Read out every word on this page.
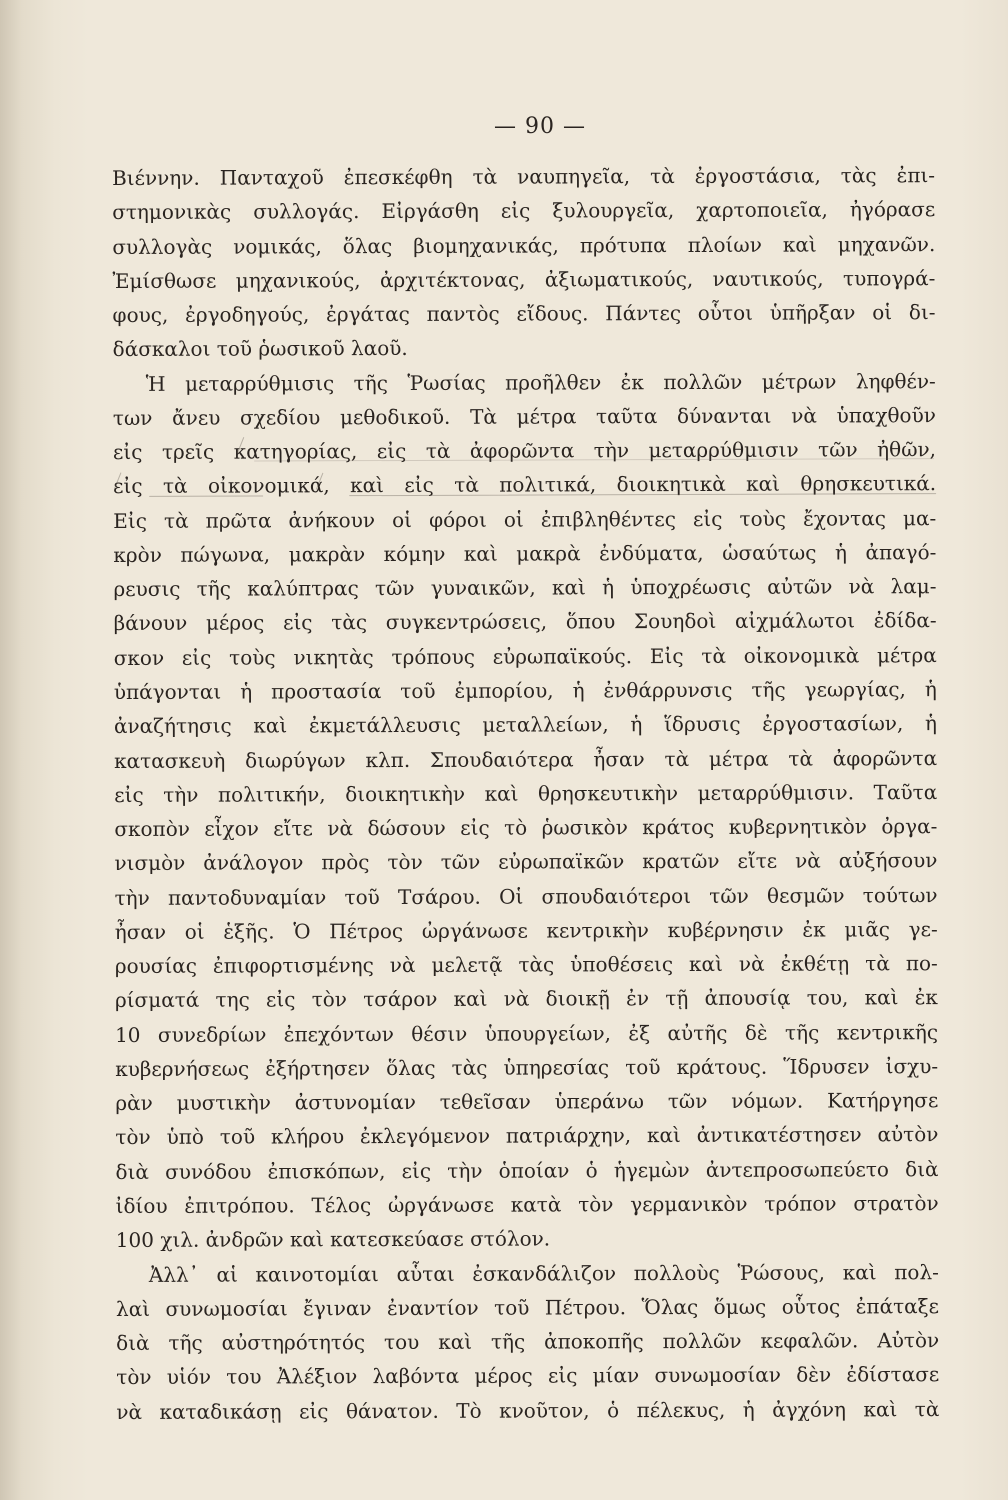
— 90 —
Βιέννην. Πανταχοῦ ἐπεσκέφθη τὰ ναυπηγεῖα, τὰ ἐργοστάσια, τὰς ἐπι-
στημονικὰς συλλογάς. Εἰργάσθη εἰς ξυλουργεῖα, χαρτοποιεῖα, ἠγόρασε
συλλογὰς νομικάς, ὅλας βιομηχανικάς, πρότυπα πλοίων καὶ μηχανῶν.
Ἐμίσθωσε μηχανικούς, ἀρχιτέκτονας, ἀξιωματικούς, ναυτικούς, τυπογρά-
φους, ἐργοδηγούς, ἐργάτας παντὸς εἴδους. Πάντες οὗτοι ὑπῆρξαν οἱ δι-
δάσκαλοι τοῦ ῥωσικοῦ λαοῦ.
Ἡ μεταρρύθμισις τῆς Ῥωσίας προῆλθεν ἐκ πολλῶν μέτρων ληφθέν-
των ἄνευ σχεδίου μεθοδικοῦ. Τὰ μέτρα ταῦτα δύνανται νὰ ὑπαχθοῦν
εἰς τρεῖς κατηγορίας, εἰς τὰ ἀφορῶντα τὴν μεταρρύθμισιν τῶν ἠθῶν,
εἰς τὰ οἰκονομικά, καὶ εἰς τὰ πολιτικά, διοικητικὰ καὶ θρησκευτικά.
Εἰς τὰ πρῶτα ἀνήκουν οἱ φόροι οἱ ἐπιβληθέντες εἰς τοὺς ἔχοντας μα-
κρὸν πώγωνα, μακρὰν κόμην καὶ μακρὰ ἐνδύματα, ὡσαύτως ἡ ἀπαγό-
ρευσις τῆς καλύπτρας τῶν γυναικῶν, καὶ ἡ ὑποχρέωσις αὐτῶν νὰ λαμ-
βάνουν μέρος εἰς τὰς συγκεντρώσεις, ὅπου Σουηδοὶ αἰχμάλωτοι ἐδίδα-
σκον εἰς τοὺς νικητὰς τρόπους εὐρωπαϊκούς. Εἰς τὰ οἰκονομικὰ μέτρα
ὑπάγονται ἡ προστασία τοῦ ἐμπορίου, ἡ ἐνθάρρυνσις τῆς γεωργίας, ἡ
ἀναζήτησις καὶ ἐκμετάλλευσις μεταλλείων, ἡ ἵδρυσις ἐργοστασίων, ἡ
κατασκευὴ διωρύγων κλπ. Σπουδαιότερα ἦσαν τὰ μέτρα τὰ ἀφορῶντα
εἰς τὴν πολιτικήν, διοικητικὴν καὶ θρησκευτικὴν μεταρρύθμισιν. Ταῦτα
σκοπὸν εἶχον εἴτε νὰ δώσουν εἰς τὸ ῥωσικὸν κράτος κυβερνητικὸν ὀργα-
νισμὸν ἀνάλογον πρὸς τὸν τῶν εὐρωπαϊκῶν κρατῶν εἴτε νὰ αὐξήσουν
τὴν παντοδυναμίαν τοῦ Τσάρου. Οἱ σπουδαιότεροι τῶν θεσμῶν τούτων
ἦσαν οἱ ἑξῆς. Ὁ Πέτρος ὠργάνωσε κεντρικὴν κυβέρνησιν ἐκ μιᾶς γε-
ρουσίας ἐπιφορτισμένης νὰ μελετᾷ τὰς ὑποθέσεις καὶ νὰ ἐκθέτῃ τὰ πο-
ρίσματά της εἰς τὸν τσάρον καὶ νὰ διοικῇ ἐν τῇ ἀπουσίᾳ του, καὶ ἐκ
10 συνεδρίων ἐπεχόντων θέσιν ὑπουργείων, ἐξ αὐτῆς δὲ τῆς κεντρικῆς
κυβερνήσεως ἐξήρτησεν ὅλας τὰς ὑπηρεσίας τοῦ κράτους. Ἵδρυσεν ἰσχυ-
ρὰν μυστικὴν ἀστυνομίαν τεθεῖσαν ὑπεράνω τῶν νόμων. Κατήργησε
τὸν ὑπὸ τοῦ κλήρου ἐκλεγόμενον πατριάρχην, καὶ ἀντικατέστησεν αὐτὸν
διὰ συνόδου ἐπισκόπων, εἰς τὴν ὁποίαν ὁ ἡγεμὼν ἀντεπροσωπεύετο διὰ
ἰδίου ἐπιτρόπου. Τέλος ὠργάνωσε κατὰ τὸν γερμανικὸν τρόπον στρατὸν
100 χιλ. ἀνδρῶν καὶ κατεσκεύασε στόλον.
Ἀλλ᾽ αἱ καινοτομίαι αὗται ἐσκανδάλιζον πολλοὺς Ῥώσους, καὶ πολ-
λαὶ συνωμοσίαι ἔγιναν ἐναντίον τοῦ Πέτρου. Ὅλας ὅμως οὗτος ἐπάταξε
διὰ τῆς αὐστηρότητός του καὶ τῆς ἀποκοπῆς πολλῶν κεφαλῶν. Αὐτὸν
τὸν υἱόν του Ἀλέξιον λαβόντα μέρος εἰς μίαν συνωμοσίαν δὲν ἐδίστασε
νὰ καταδικάσῃ εἰς θάνατον. Τὸ κνοῦτον, ὁ πέλεκυς, ἡ ἀγχόνη καὶ τὰ
